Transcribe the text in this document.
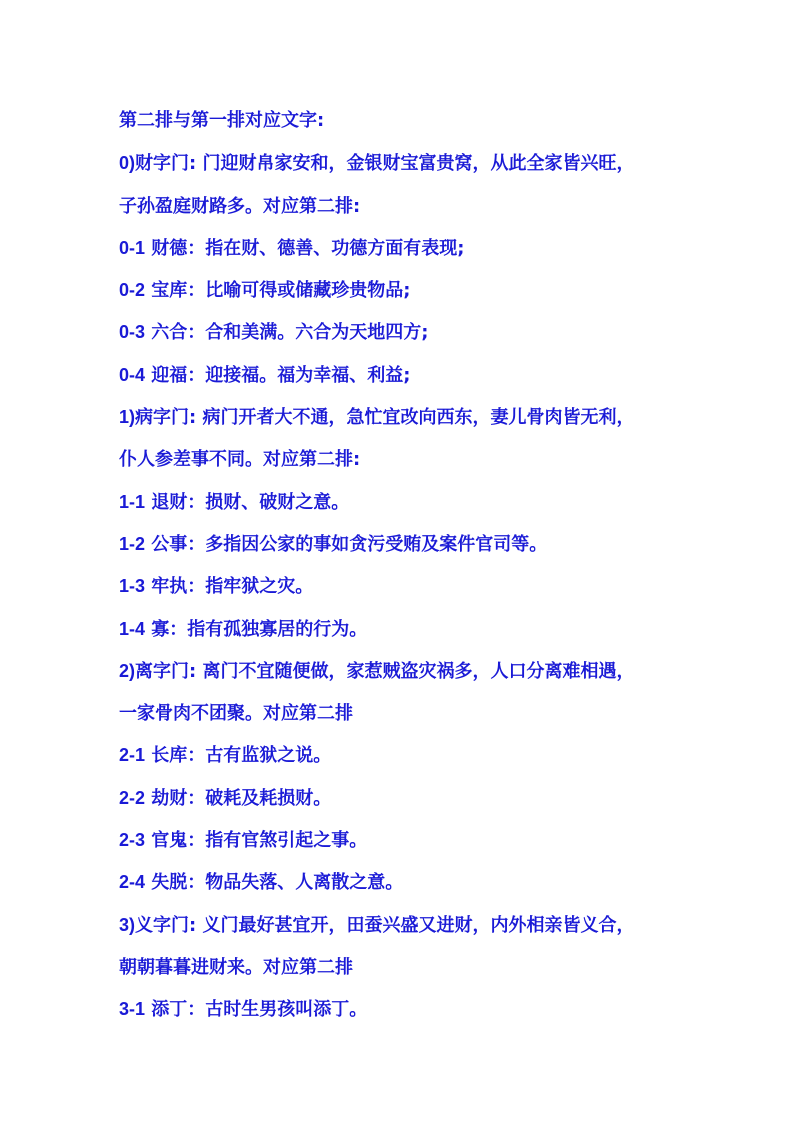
第二排与第一排对应文字:
0)财字门: 门迎财帛家安和，金银财宝富贵窝，从此全家皆兴旺，
子孙盈庭财路多。对应第二排:
0-1 财德：指在财、德善、功德方面有表现;
0-2 宝库：比喻可得或储藏珍贵物品;
0-3 六合：合和美满。六合为天地四方;
0-4 迎福：迎接福。福为幸福、利益;
1)病字门: 病门开者大不通，急忙宜改向西东，妻儿骨肉皆无利，
仆人参差事不同。对应第二排:
1-1 退财：损财、破财之意。
1-2 公事：多指因公家的事如贪污受贿及案件官司等。
1-3 牢执：指牢狱之灾。
1-4 寡：指有孤独寡居的行为。
2)离字门: 离门不宜随便做，家惹贼盗灾祸多，人口分离难相遇，
一家骨肉不团聚。对应第二排
2-1 长库：古有监狱之说。
2-2 劫财：破耗及耗损财。
2-3 官鬼：指有官煞引起之事。
2-4 失脱：物品失落、人离散之意。
3)义字门: 义门最好甚宜开，田蚕兴盛又进财，内外相亲皆义合，
朝朝暮暮进财来。对应第二排
3-1 添丁：古时生男孩叫添丁。
